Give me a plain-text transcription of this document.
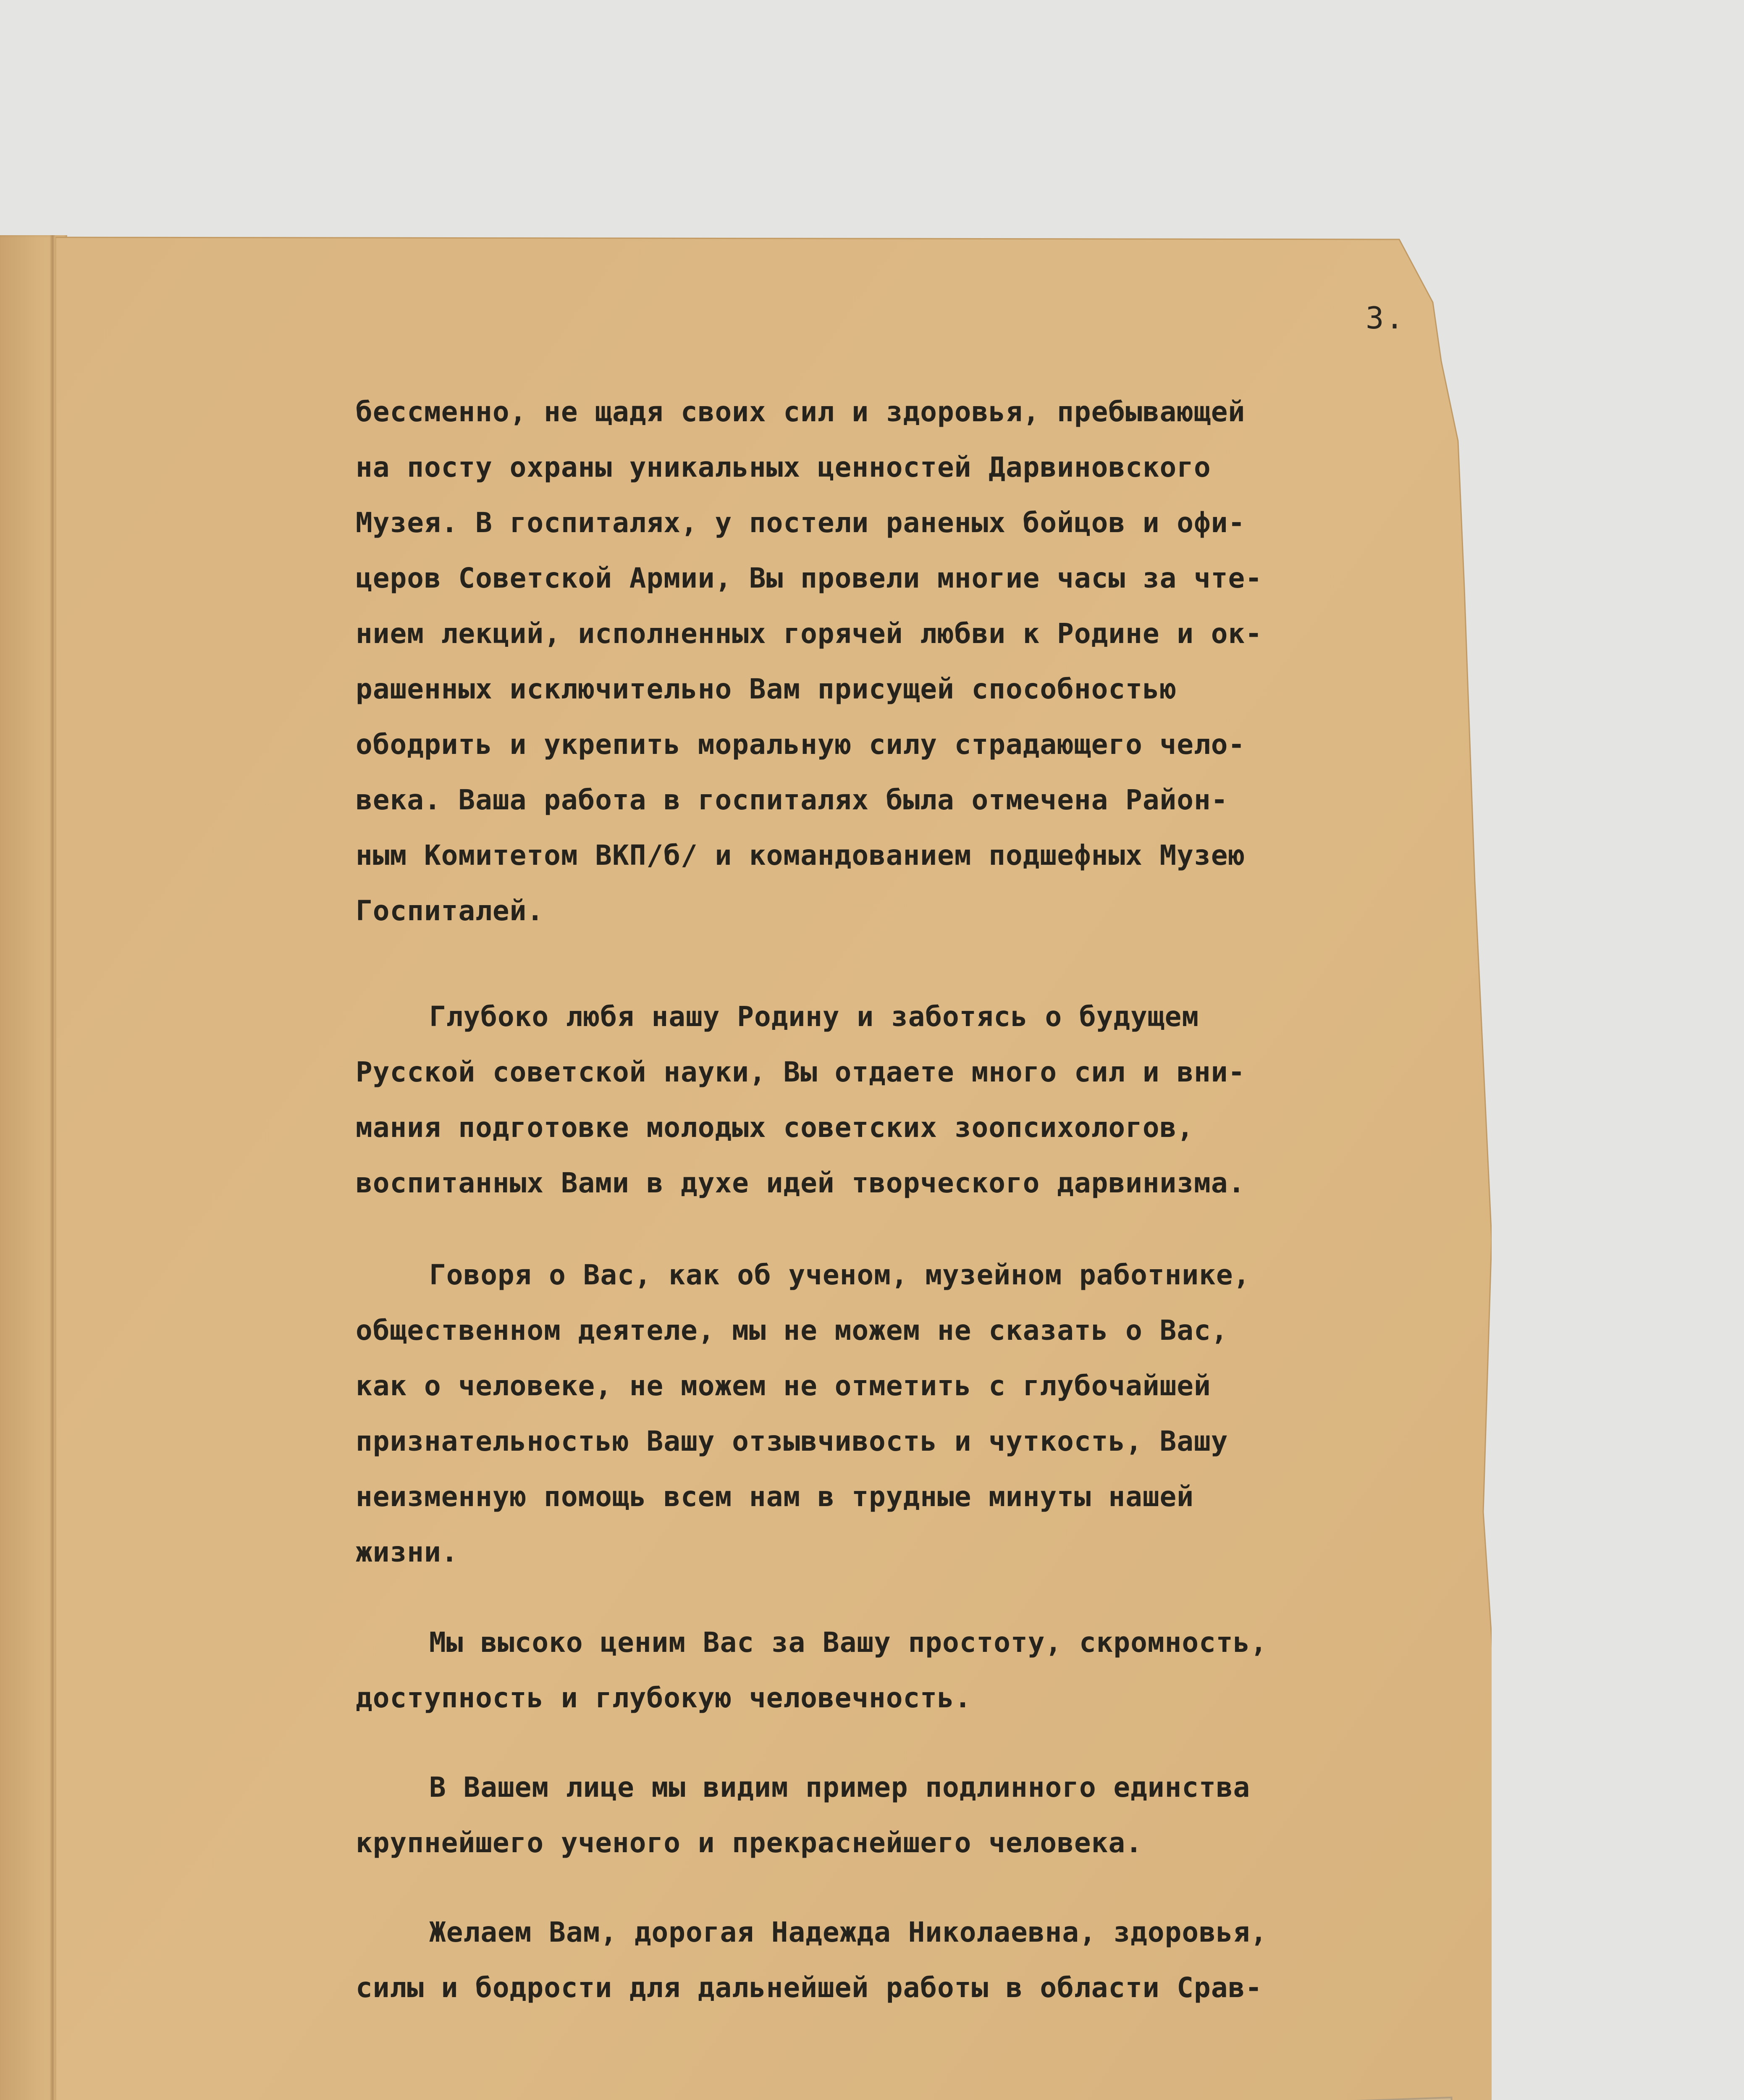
3.
бессменно, не щадя своих сил и здоровья, пребывающей
на посту охраны уникальных ценностей Дарвиновского
Музея. В госпиталях, у постели раненых бойцов и офи-
церов Советской Армии, Вы провели многие часы за чте-
нием лекций, исполненных горячей любви к Родине и ок-
рашенных исключительно Вам присущей способностью
ободрить и укрепить моральную силу страдающего чело-
века. Ваша работа в госпиталях была отмечена Район-
ным Комитетом ВКП/б/ и командованием подшефных Музею
Госпиталей.
Глубоко любя нашу Родину и заботясь о будущем
Русской советской науки, Вы отдаете много сил и вни-
мания подготовке молодых советских зоопсихологов,
воспитанных Вами в духе идей творческого дарвинизма.
Говоря о Вас, как об ученом, музейном работнике,
общественном деятеле, мы не можем не сказать о Вас,
как о человеке, не можем не отметить с глубочайшей
признательностью Вашу отзывчивость и чуткость, Вашу
неизменную помощь всем нам в трудные минуты нашей
жизни.
Мы высоко ценим Вас за Вашу простоту, скромность,
доступность и глубокую человечность.
В Вашем лице мы видим пример подлинного единства
крупнейшего ученого и прекраснейшего человека.
Желаем Вам, дорогая Надежда Николаевна, здоровья,
силы и бодрости для дальнейшей работы в области Срав-
